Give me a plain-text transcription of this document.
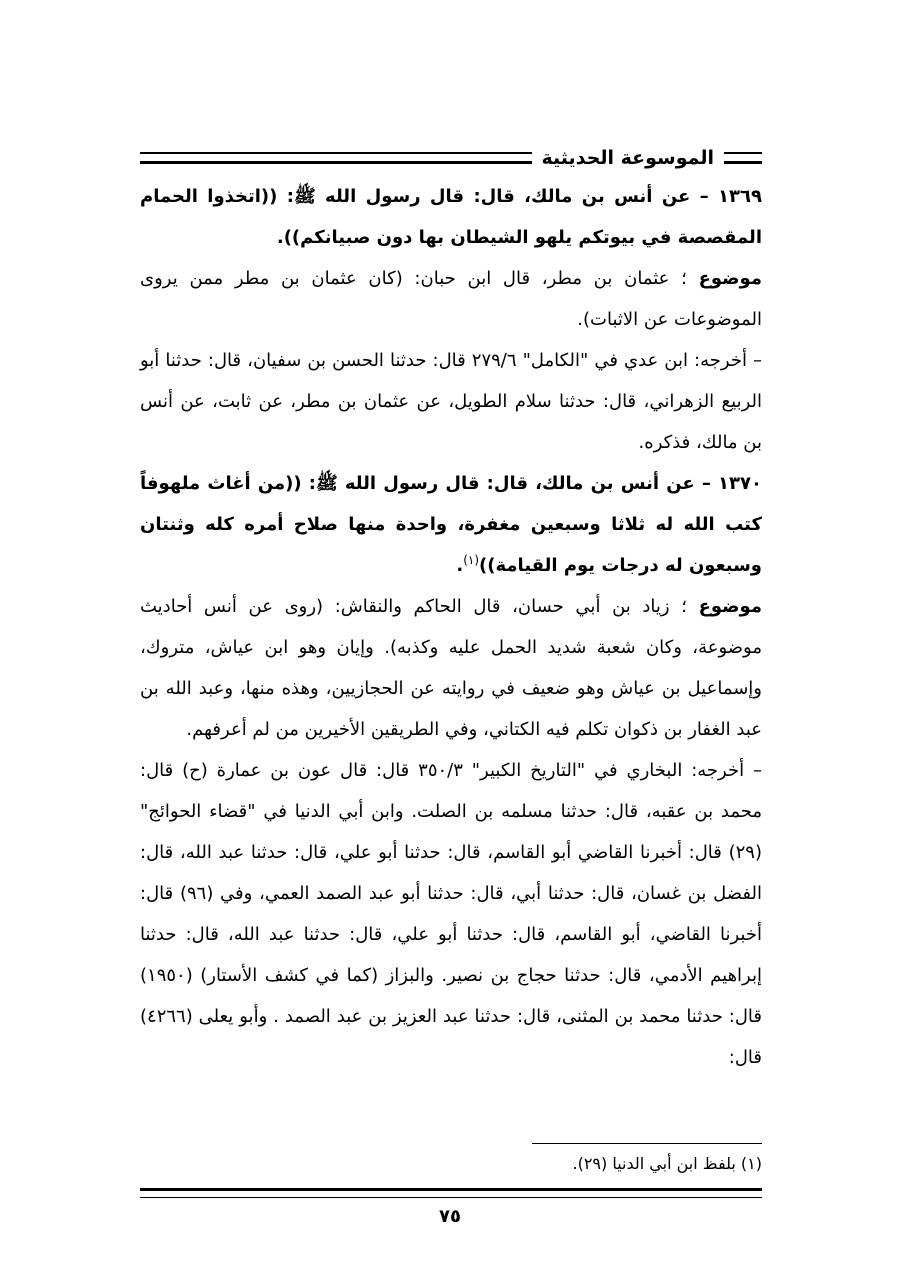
الموسوعة الحديثية

١٣٦٩ – عن أنس بن مالك، قال: قال رسول الله ﷺ: ((اتخذوا الحمام المقصصة في بيوتكم يلهو الشيطان بها دون صبيانكم)).

موضوع ؛ عثمان بن مطر، قال ابن حبان: (كان عثمان بن مطر ممن يروى الموضوعات عن الاثبات).

– أخرجه: ابن عدي في "الكامل" ٢٧٩/٦ قال: حدثنا الحسن بن سفيان، قال: حدثنا أبو الربيع الزهراني، قال: حدثنا سلام الطويل، عن عثمان بن مطر، عن ثابت، عن أنس بن مالك، فذكره.

١٣٧٠ – عن أنس بن مالك، قال: قال رسول الله ﷺ: ((من أغاث ملهوفاً كتب الله له ثلاثا وسبعين مغفرة، واحدة منها صلاح أمره كله وثنتان وسبعون له درجات يوم القيامة))$^{(١)}$.

موضوع ؛ زياد بن أبي حسان، قال الحاكم والنقاش: (روى عن أنس أحاديث موضوعة، وكان شعبة شديد الحمل عليه وكذبه). وإيان وهو ابن عياش، متروك، وإسماعيل بن عياش وهو ضعيف في روايته عن الحجازيين، وهذه منها، وعبد الله بن عبد الغفار بن ذكوان تكلم فيه الكتاني، وفي الطريقين الأخيرين من لم أعرفهم.

– أخرجه: البخاري في "التاريخ الكبير" ٣٥٠/٣ قال: قال عون بن عمارة (ح) قال: محمد بن عقبه، قال: حدثنا مسلمه بن الصلت. وابن أبي الدنيا في "قضاء الحوائج" (٢٩) قال: أخبرنا القاضي أبو القاسم، قال: حدثنا أبو علي، قال: حدثنا عبد الله، قال: الفضل بن غسان، قال: حدثنا أبي، قال: حدثنا أبو عبد الصمد العمي، وفي (٩٦) قال: أخبرنا القاضي، أبو القاسم، قال: حدثنا أبو علي، قال: حدثنا عبد الله، قال: حدثنا إبراهيم الأدمي، قال: حدثنا حجاج بن نصير. والبزاز (كما في كشف الأستار) (١٩٥٠) قال: حدثنا محمد بن المثنى، قال: حدثنا عبد العزيز بن عبد الصمد . وأبو يعلى (٤٢٦٦) قال:

(١) بلفظ ابن أبي الدنيا (٢٩).
٧٥
